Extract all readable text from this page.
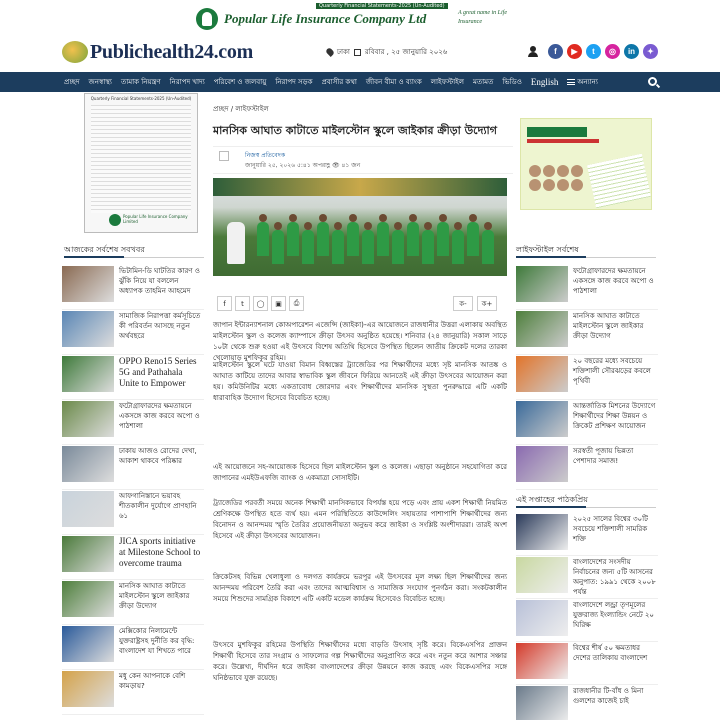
Popular Life Insurance Company Ltd
Quarterly Financial Statements-2025 (Un-Audited)
A great name in Life Insurance
Publichealth24.com	ঢাকা রবিবার , ২৫ জানুয়ারি ২০২৬	f	▶	t	◎	in	✦
প্রচ্ছদ জনস্বাস্থ্য তামাক নিয়ন্ত্রণ নিরাপদ খাদ্য পরিবেশ ও জলবায়ু নিরাপদ সড়ক প্রবাসীর কথা জীবন বীমা ও ব্যাংক লাইফস্টাইল মতামত ভিডিও English	অন্যান্য
Quarterly Financial Statements-2025 (Un-Audited)
Popular Life Insurance Company Limited
আজকের সর্বশেষ সবখবর
ভিটামিন-ডি ঘাটতির কারণ ও ঝুঁকি নিয়ে যা বললেন অধ্যাপক তাহমিন আহমেদ
সামাজিক নিরাপত্তা কর্মসূচিতে কী পরিবর্তন আসছে নতুন অর্থবছরে
OPPO Reno15 Series 5G and Pathahala Unite to Empower
ফটোগ্রাফারদের ক্ষমতায়নে একসঙ্গে কাজ করবে অপো ও পাঠশালা
ঢাকায় আজও রোদের দেখা, আকাশ থাকবে পরিষ্কার
আফগানিস্তানে ভয়াবহ শীতকালীন দুর্যোগে প্রাণহানি ৬১
JICA sports initiative at Milestone School to overcome trauma
মানসিক আঘাত কাটাতে মাইলস্টোন স্কুলে জাইকার ক্রীড়া উদ্যোগ
মেক্সিকোর নিলামেন্টে যুক্তরাষ্ট্রসহ দুর্নীতি কর বৃদ্ধি: বাংলাদেশ যা শিখতে পারে
মধু কেন আপনাকে বেশি কামড়ায়?
প্রচ্ছদ / লাইফস্টাইল
মানসিক আঘাত কাটাতে মাইলস্টোন স্কুলে জাইকার ক্রীড়া উদ্যোগ
নিজস্ব প্রতিবেদক
জানুয়ারি ২৫, ২০২৬ ৫:৪১ অপরাহ্ণ 👁 ৪১ জন
f	t	◯	▣	⎙	ক-	ক+
জাপান ইন্টারন্যাশনাল কোঅপারেশন এজেন্সি (জাইকা)-এর আয়োজনে রাজধানীর উত্তরা এলাকায় অবস্থিত মাইলস্টোন স্কুল ও কলেজ ক্যাম্পাসে ক্রীড়া উৎসব অনুষ্ঠিত হয়েছে। শনিবার (২৪ জানুয়ারি) সকাল সাড়ে ১০টা থেকে শুরু হওয়া এই উৎসবে বিশেষ অতিথি হিসেবে উপস্থিত ছিলেন জাতীয় ক্রিকেট দলের তারকা খেলোয়াড় মুশফিকুর রহিম।
মাইলস্টোন স্কুলে ঘটে যাওয়া বিমান বিধ্বস্তের ট্র্যাজেডির পর শিক্ষার্থীদের মধ্যে সৃষ্ট মানসিক আতঙ্ক ও আঘাত কাটিয়ে তাদের আবার স্বাভাবিক স্কুল জীবনে ফিরিয়ে আনতেই এই ক্রীড়া উৎসবের আয়োজন করা হয়। কমিউনিটির মধ্যে একতাবোধ জোরদার এবং শিক্ষার্থীদের মানসিক সুস্থতা পুনরুদ্ধারে এটি একটি ধারাবাহিক উদ্যোগ হিসেবে বিবেচিত হচ্ছে।
এই আয়োজনে সহ-আয়োজক হিসেবে ছিল মাইলস্টোন স্কুল ও কলেজ। এছাড়া অনুষ্ঠানে সহযোগিতা করে জাপানের এমইউএফজি ব্যাংক ও একমাত্রা সোসাইটি।
ট্র্যাজেডির পরবর্তী সময়ে অনেক শিক্ষার্থী মানসিকভাবে বিপর্যস্ত হয়ে পড়ে এবং প্রায় একশ শিক্ষার্থী নিয়মিত শ্রেণিকক্ষে উপস্থিত হতে ব্যর্থ হয়। এমন পরিস্থিতিতে কাউন্সেলিং সহায়তার পাশাপাশি শিক্ষার্থীদের জন্য বিনোদন ও আনন্দময় স্মৃতি তৈরির প্রয়োজনীয়তা অনুভব করে জাইকা ও সংশ্লিষ্ট অংশীদাররা। তারই অংশ হিসেবে এই ক্রীড়া উৎসবের আয়োজন।
ক্রিকেটসহ বিভিন্ন খেলাধুলা ও দলগত কার্যক্রমে ভরপুর এই উৎসবের মূল লক্ষ্য ছিল শিক্ষার্থীদের জন্য আনন্দময় পরিবেশ তৈরি করা এবং তাদের আত্মবিশ্বাস ও সামাজিক সংযোগ পুনর্গঠন করা। সংকটকালীন সময়ে শিশুদের সামগ্রিক বিকাশে এটি একটি মডেল কার্যক্রম হিসেবেও বিবেচিত হচ্ছে।
উৎসবে মুশফিকুর রহিমের উপস্থিতি শিক্ষার্থীদের মধ্যে বাড়তি উৎসাহ সৃষ্টি করে। বিকেএসপির প্রাক্তন শিক্ষার্থী হিসেবে তার সংগ্রাম ও সাফল্যের গল্প শিক্ষার্থীদের অনুপ্রাণিত করে এবং নতুন করে আশার সঞ্চার করে। উল্লেখ্য, দীর্ঘদিন ধরে জাইকা বাংলাদেশের ক্রীড়া উন্নয়নে কাজ করছে এবং বিকেএসপির সঙ্গে ঘনিষ্ঠভাবে যুক্ত রয়েছে।
লাইফস্টাইল সর্বশেষ
ফটোগ্রাফারদের ক্ষমতায়নে একসঙ্গে কাজ করবে অপো ও পাঠশালা
মানসিক আঘাত কাটাতে মাইলস্টোন স্কুলে জাইকার ক্রীড়া উদ্যোগ
২০ বছরের মধ্যে সবচেয়ে শক্তিশালী সৌরঝড়ের কবলে পৃথিবী
আন্তর্জাতিক মিশনের উদ্যোগে শিক্ষার্থীদের শিক্ষা উন্নয়ন ও ক্রিকেট প্রশিক্ষণ আয়োজন
সরস্বতী পূজায় ভিন্নতা পেশাদার সমাজ!
এই সপ্তাহের পাঠকপ্রিয়
২০২৫ সালের বিশ্বের ৩০টি সবচেয়ে শক্তিশালী সামরিক শক্তি
বাংলাদেশের সংসদীয় নির্বাচনের জন্য ৫টি আসনের অনুপাত: ১৯৯১ থেকে ২০০৮ পর্যন্ত
বাংলাদেশে লন্ড্রা তৃণমূলের যুক্তরাজ্য ইংল্যান্ডিং নেটে ২০ ঘিরিক্ষ
বিশ্বের শীর্ষ ৫০ ক্ষমতাধর দেশের তালিকায় বাংলাদেশ
রাজধানীর টি-বাঁধ ও মিনা গুলশের কাজেই চাই
